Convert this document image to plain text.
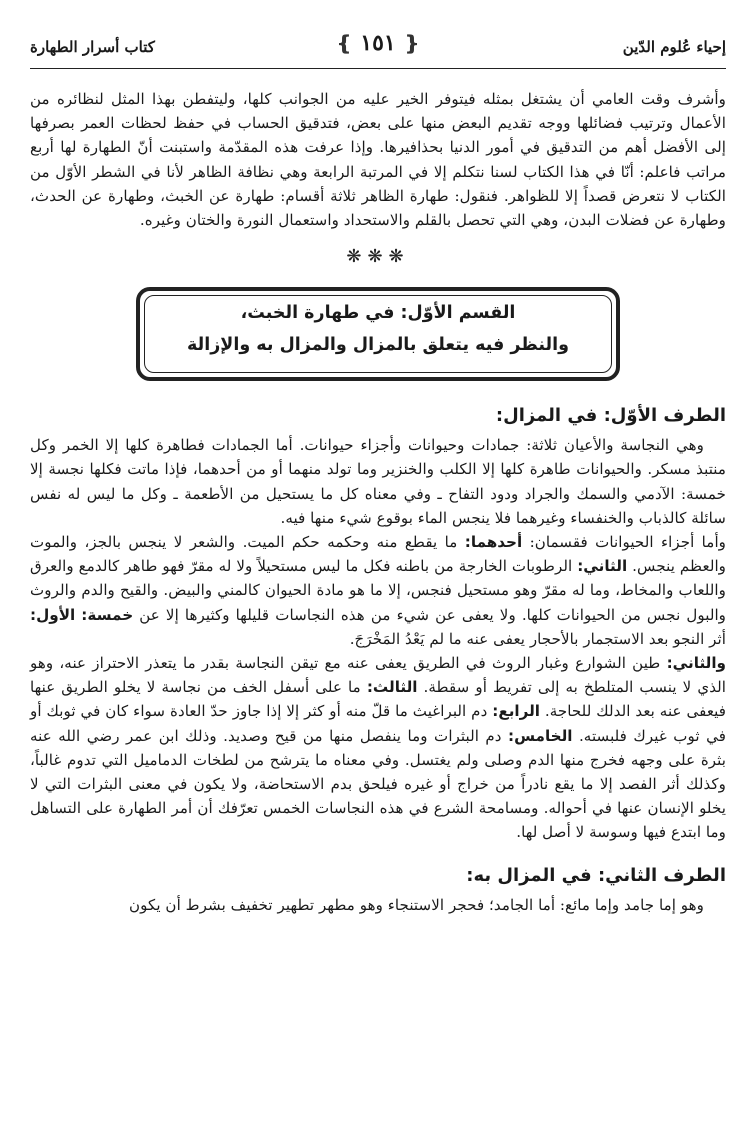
إحياء عُلوم الدّين
❴ ١٥١ ❵
كتاب أسرار الطهارة

وأشرف وقت العامي أن يشتغل بمثله فيتوفر الخير عليه من الجوانب كلها، وليتفطن بهذا المثل لنظائره من الأعمال وترتيب فضائلها ووجه تقديم البعض منها على بعض، فتدقيق الحساب في حفظ لحظات العمر بصرفها إلى الأفضل أهم من التدقيق في أمور الدنيا بحذافيرها. وإذا عرفت هذه المقدّمة واستبنت أنّ الطهارة لها أربع مراتب فاعلم: أنّا في هذا الكتاب لسنا نتكلم إلا في المرتبة الرابعة وهي نظافة الظاهر لأنا في الشطر الأوّل من الكتاب لا نتعرض قصداً إلا للظواهر. فنقول: طهارة الظاهر ثلاثة أقسام: طهارة عن الخبث، وطهارة عن الحدث، وطهارة عن فضلات البدن، وهي التي تحصل بالقلم والاستحداد واستعمال النورة والختان وغيره.

❋❋❋
القسم الأوّل: في طهارة الخبث،
والنظر فيه يتعلق بالمزال والمزال به والإزالة
الطرف الأوّل: في المزال:

وهي النجاسة والأعيان ثلاثة: جمادات وحيوانات وأجزاء حيوانات. أما الجمادات فطاهرة كلها إلا الخمر وكل منتبذ مسكر. والحيوانات طاهرة كلها إلا الكلب والخنزير وما تولد منهما أو من أحدهما، فإذا ماتت فكلها نجسة إلا خمسة: الآدمي والسمك والجراد ودود التفاح ـ وفي معناه كل ما يستحيل من الأطعمة ـ وكل ما ليس له نفس سائلة كالذباب والخنفساء وغيرهما فلا ينجس الماء بوقوع شيء منها فيه.

وأما أجزاء الحيوانات فقسمان: أحدهما: ما يقطع منه وحكمه حكم الميت. والشعر لا ينجس بالجز، والموت والعظم ينجس. الثاني: الرطوبات الخارجة من باطنه فكل ما ليس مستحيلاً ولا له مقرّ فهو طاهر كالدمع والعرق واللعاب والمخاط، وما له مقرّ وهو مستحيل فنجس، إلا ما هو مادة الحيوان كالمني والبيض. والقيح والدم والروث والبول نجس من الحيوانات كلها. ولا يعفى عن شيء من هذه النجاسات قليلها وكثيرها إلا عن خمسة: الأول: أثر النجو بعد الاستجمار بالأحجار يعفى عنه ما لم يَعْدُ المَخْرَجَ.

والثاني: طين الشوارع وغبار الروث في الطريق يعفى عنه مع تيقن النجاسة بقدر ما يتعذر الاحتراز عنه، وهو الذي لا ينسب المتلطخ به إلى تفريط أو سقطة. الثالث: ما على أسفل الخف من نجاسة لا يخلو الطريق عنها فيعفى عنه بعد الدلك للحاجة. الرابع: دم البراغيث ما قلّ منه أو كثر إلا إذا جاوز حدّ العادة سواء كان في ثوبك أو في ثوب غيرك فلبسته. الخامس: دم البثرات وما ينفصل منها من قيح وصديد. وذلك ابن عمر رضي الله عنه بثرة على وجهه فخرج منها الدم وصلى ولم يغتسل. وفي معناه ما يترشح من لطخات الدماميل التي تدوم غالباً، وكذلك أثر الفصد إلا ما يقع نادراً من خراج أو غيره فيلحق بدم الاستحاضة، ولا يكون في معنى البثرات التي لا يخلو الإنسان عنها في أحواله. ومسامحة الشرع في هذه النجاسات الخمس تعرّفك أن أمر الطهارة على التساهل وما ابتدع فيها وسوسة لا أصل لها.

الطرف الثاني: في المزال به:

وهو إما جامد وإما مائع: أما الجامد؛ فحجر الاستنجاء وهو مطهر تطهير تخفيف بشرط أن يكون
